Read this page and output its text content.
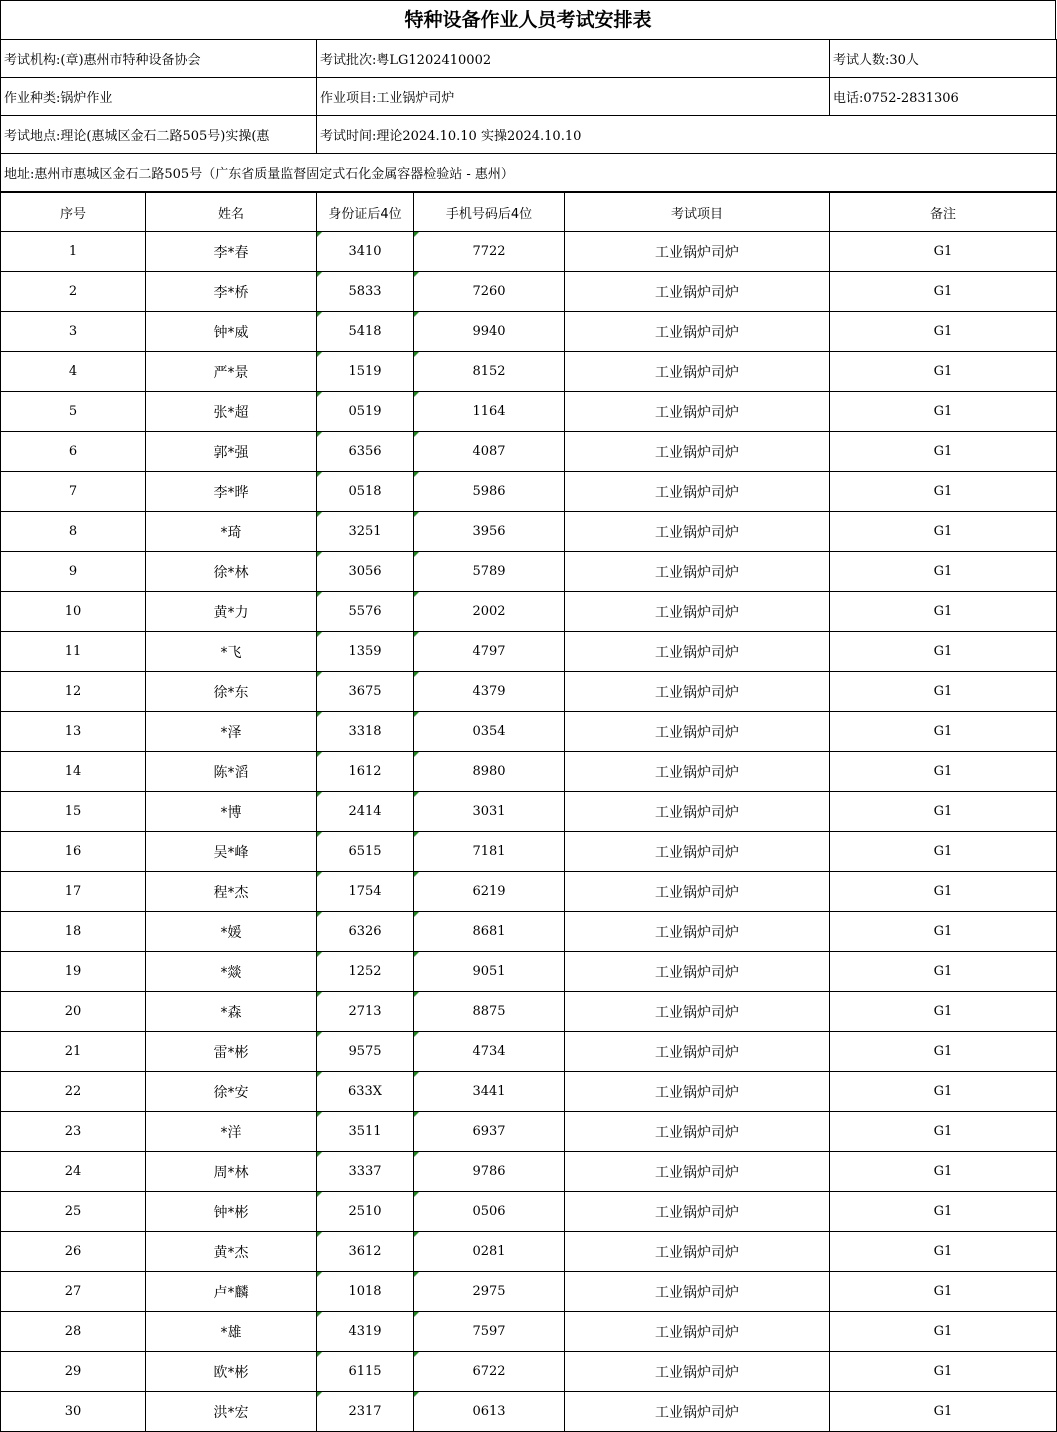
特种设备作业人员考试安排表
考试机构:(章)惠州市特种设备协会	考试批次:粤LG1202410002	考试人数:30人
作业种类:锅炉作业	作业项目:工业锅炉司炉	电话:0752-2831306
考试地点:理论(惠城区金石二路505号)实操(惠	考试时间:理论2024.10.10 实操2024.10.10	
地址:惠州市惠城区金石二路505号（广东省质量监督固定式石化金属容器检验站 - 惠州）		
序号	姓名	身份证后4位	手机号码后4位	考试项目	备注
1	李*春	3410	7722	工业锅炉司炉	G1
2	李*桥	5833	7260	工业锅炉司炉	G1
3	钟*威	5418	9940	工业锅炉司炉	G1
4	严*景	1519	8152	工业锅炉司炉	G1
5	张*超	0519	1164	工业锅炉司炉	G1
6	郭*强	6356	4087	工业锅炉司炉	G1
7	李*晔	0518	5986	工业锅炉司炉	G1
8	*琦	3251	3956	工业锅炉司炉	G1
9	徐*林	3056	5789	工业锅炉司炉	G1
10	黄*力	5576	2002	工业锅炉司炉	G1
11	*飞	1359	4797	工业锅炉司炉	G1
12	徐*东	3675	4379	工业锅炉司炉	G1
13	*泽	3318	0354	工业锅炉司炉	G1
14	陈*滔	1612	8980	工业锅炉司炉	G1
15	*博	2414	3031	工业锅炉司炉	G1
16	吴*峰	6515	7181	工业锅炉司炉	G1
17	程*杰	1754	6219	工业锅炉司炉	G1
18	*媛	6326	8681	工业锅炉司炉	G1
19	*燚	1252	9051	工业锅炉司炉	G1
20	*森	2713	8875	工业锅炉司炉	G1
21	雷*彬	9575	4734	工业锅炉司炉	G1
22	徐*安	633X	3441	工业锅炉司炉	G1
23	*洋	3511	6937	工业锅炉司炉	G1
24	周*林	3337	9786	工业锅炉司炉	G1
25	钟*彬	2510	0506	工业锅炉司炉	G1
26	黄*杰	3612	0281	工业锅炉司炉	G1
27	卢*麟	1018	2975	工业锅炉司炉	G1
28	*雄	4319	7597	工业锅炉司炉	G1
29	欧*彬	6115	6722	工业锅炉司炉	G1
30	洪*宏	2317	0613	工业锅炉司炉	G1
